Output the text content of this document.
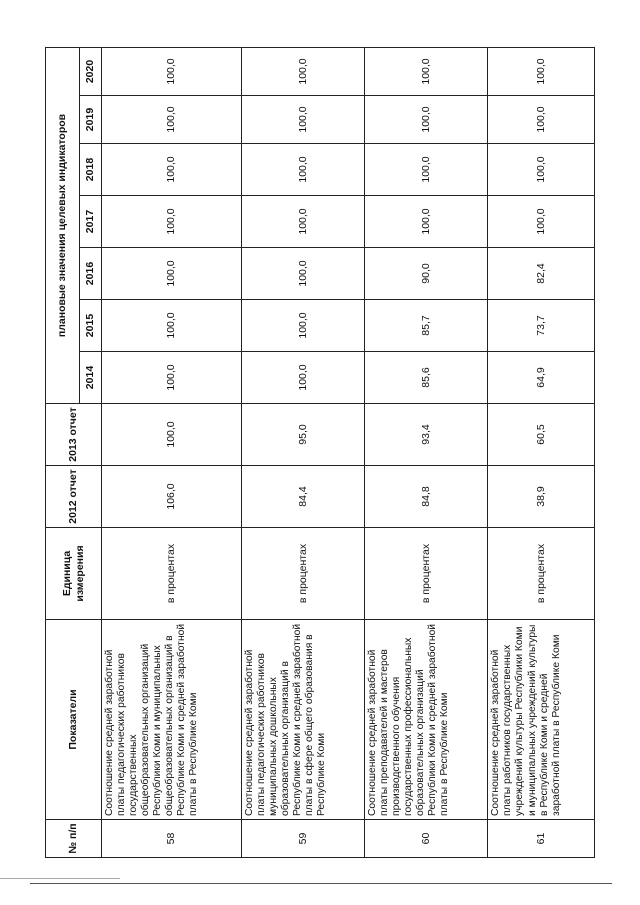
№ п/п	Показатели	Единица измерения	2012 отчет	2013 отчет	плановые значения целевых индикаторов						
					2014	2015	2016	2017	2018	2019	2020
58	Соотношение средней заработной платы педагогических работников государственных общеобразовательных организаций Республики Коми и муниципальных общеобразовательных организаций в Республике Коми и средней заработной платы в Республике Коми	в процентах	106,0	100,0	100,0	100,0	100,0	100,0	100,0	100,0	100,0
59	Соотношение средней заработной платы педагогических работников муниципальных дошкольных образовательных организаций в Республике Коми и средней заработной платы в сфере общего образования в Республике Коми	в процентах	84,4	95,0	100,0	100,0	100,0	100,0	100,0	100,0	100,0
60	Соотношение средней заработной платы преподавателей и мастеров производственного обучения государственных профессиональных образовательных организаций Республики Коми и средней заработной платы в Республике Коми	в процентах	84,8	93,4	85,6	85,7	90,0	100,0	100,0	100,0	100,0
61	Соотношение средней заработной платы работников государственных учреждений культуры Республики Коми и муниципальных учреждений культуры в Республике Коми и средней заработной платы в Республике Коми	в процентах	38,9	60,5	64,9	73,7	82,4	100,0	100,0	100,0	100,0
